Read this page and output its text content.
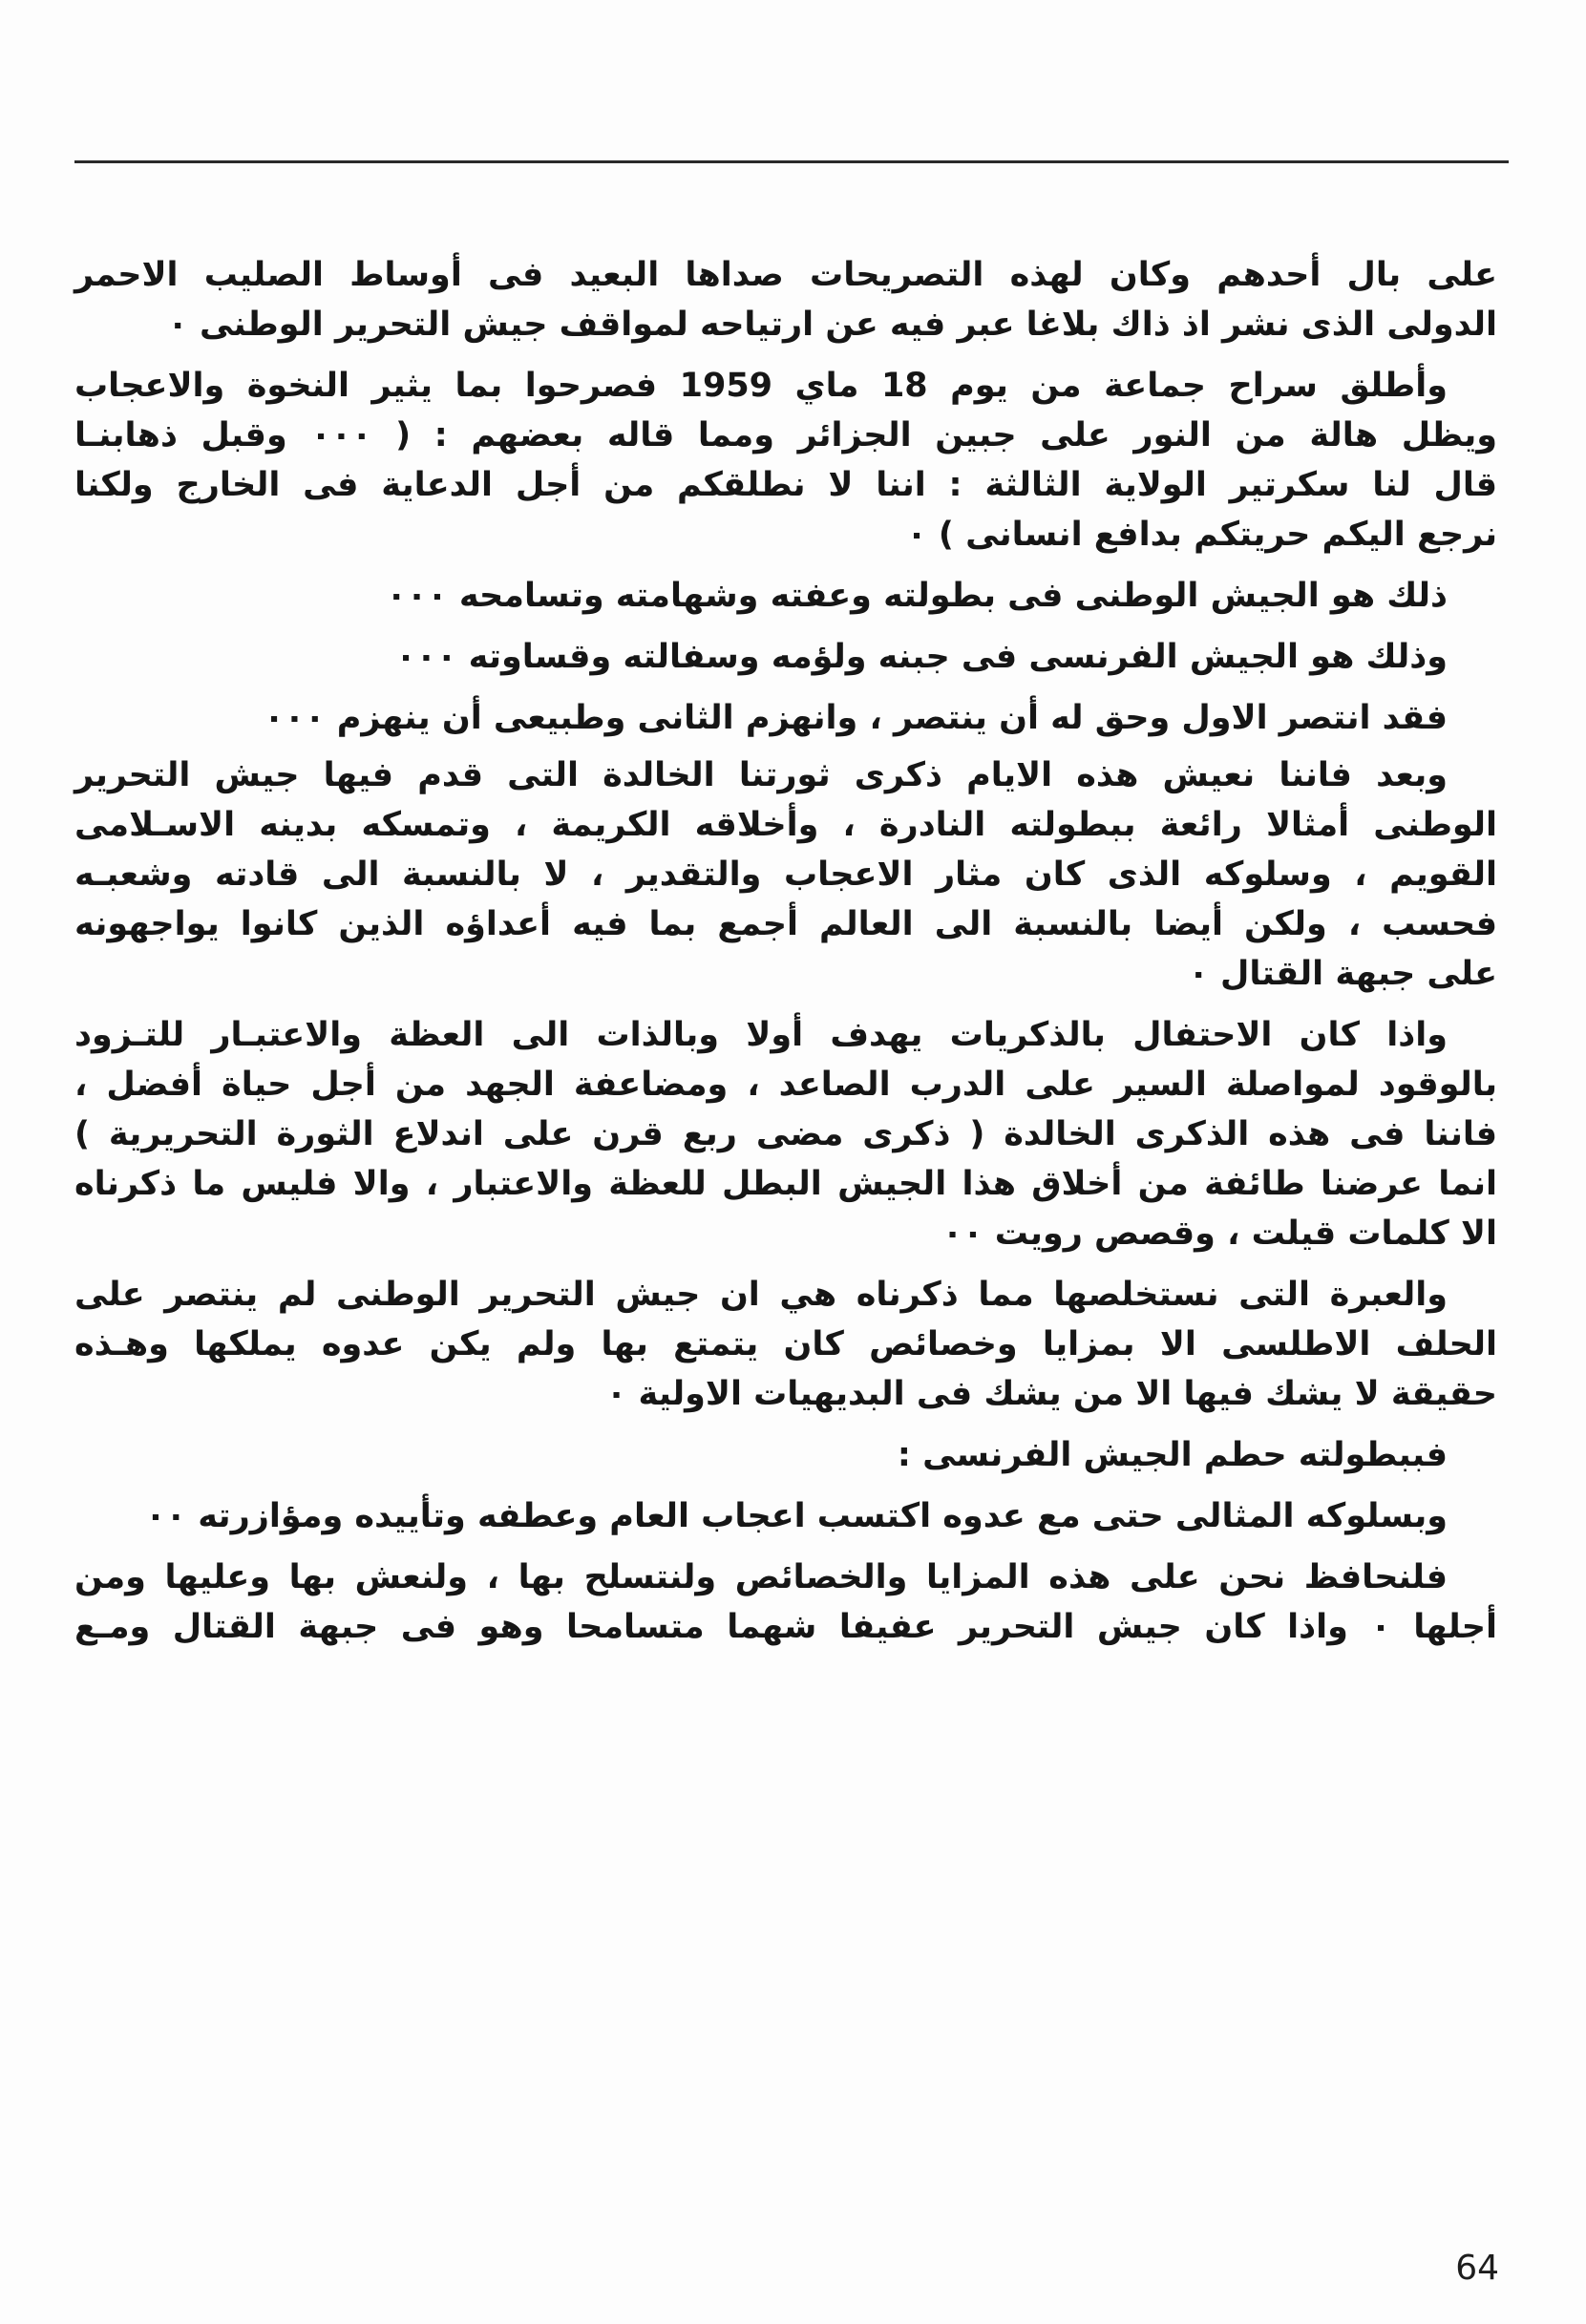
على بال أحدهم وكان لهذه التصريحات صداها البعيد فى أوساط الصليب الاحمر
الدولى الذى نشر اذ ذاك بلاغا عبر فيه عن ارتياحه لمواقف جيش التحرير الوطنى ٠
وأطلق سراح جماعة من يوم 18 ماي 1959 فصرحوا بما يثير النخوة والاعجاب
ويظل هالة من النور على جبين الجزائر ومما قاله بعضهم : ( ٠٠٠ وقبل ذهابنـا
قال لنا سكرتير الولاية الثالثة : اننا لا نطلقكم من أجل الدعاية فى الخارج ولكنا
نرجع اليكم حريتكم بدافع انسانى ) ٠
ذلك هو الجيش الوطنى فى بطولته وعفته وشهامته وتسامحه ٠٠٠
وذلك هو الجيش الفرنسى فى جبنه ولؤمه وسفالته وقساوته ٠٠٠
فقد انتصر الاول وحق له أن ينتصر ، وانهزم الثانى وطبيعى أن ينهزم ٠٠٠
وبعد فاننا نعيش هذه الايام ذكرى ثورتنا الخالدة التى قدم فيها جيش التحرير
الوطنى أمثالا رائعة ببطولته النادرة ، وأخلاقه الكريمة ، وتمسكه بدينه الاسـلامى
القويم ، وسلوكه الذى كان مثار الاعجاب والتقدير ، لا بالنسبة الى قادته وشعبـه
فحسب ، ولكن أيضا بالنسبة الى العالم أجمع بما فيه أعداؤه الذين كانوا يواجهونه
على جبهة القتال ٠
واذا كان الاحتفال بالذكريات يهدف أولا وبالذات الى العظة والاعتبـار للتـزود
بالوقود لمواصلة السير على الدرب الصاعد ، ومضاعفة الجهد من أجل حياة أفضل ،
فاننا فى هذه الذكرى الخالدة ( ذكرى مضى ربع قرن على اندلاع الثورة التحريرية )
انما عرضنا طائفة من أخلاق هذا الجيش البطل للعظة والاعتبار ، والا فليس ما ذكرناه
الا كلمات قيلت ، وقصص رويت ٠٠
والعبرة التى نستخلصها مما ذكرناه هي ان جيش التحرير الوطنى لم ينتصر على
الحلف الاطلسى الا بمزايا وخصائص كان يتمتع بها ولم يكن عدوه يملكها وهـذه
حقيقة لا يشك فيها الا من يشك فى البديهيات الاولية ٠
فببطولته حطم الجيش الفرنسى :
وبسلوكه المثالى حتى مع عدوه اكتسب اعجاب العام وعطفه وتأييده ومؤازرته ٠٠
فلنحافظ نحن على هذه المزايا والخصائص ولنتسلح بها ، ولنعش بها وعليها ومن
أجلها ٠ واذا كان جيش التحرير عفيفا شهما متسامحا وهو فى جبهة القتال ومـع
64
